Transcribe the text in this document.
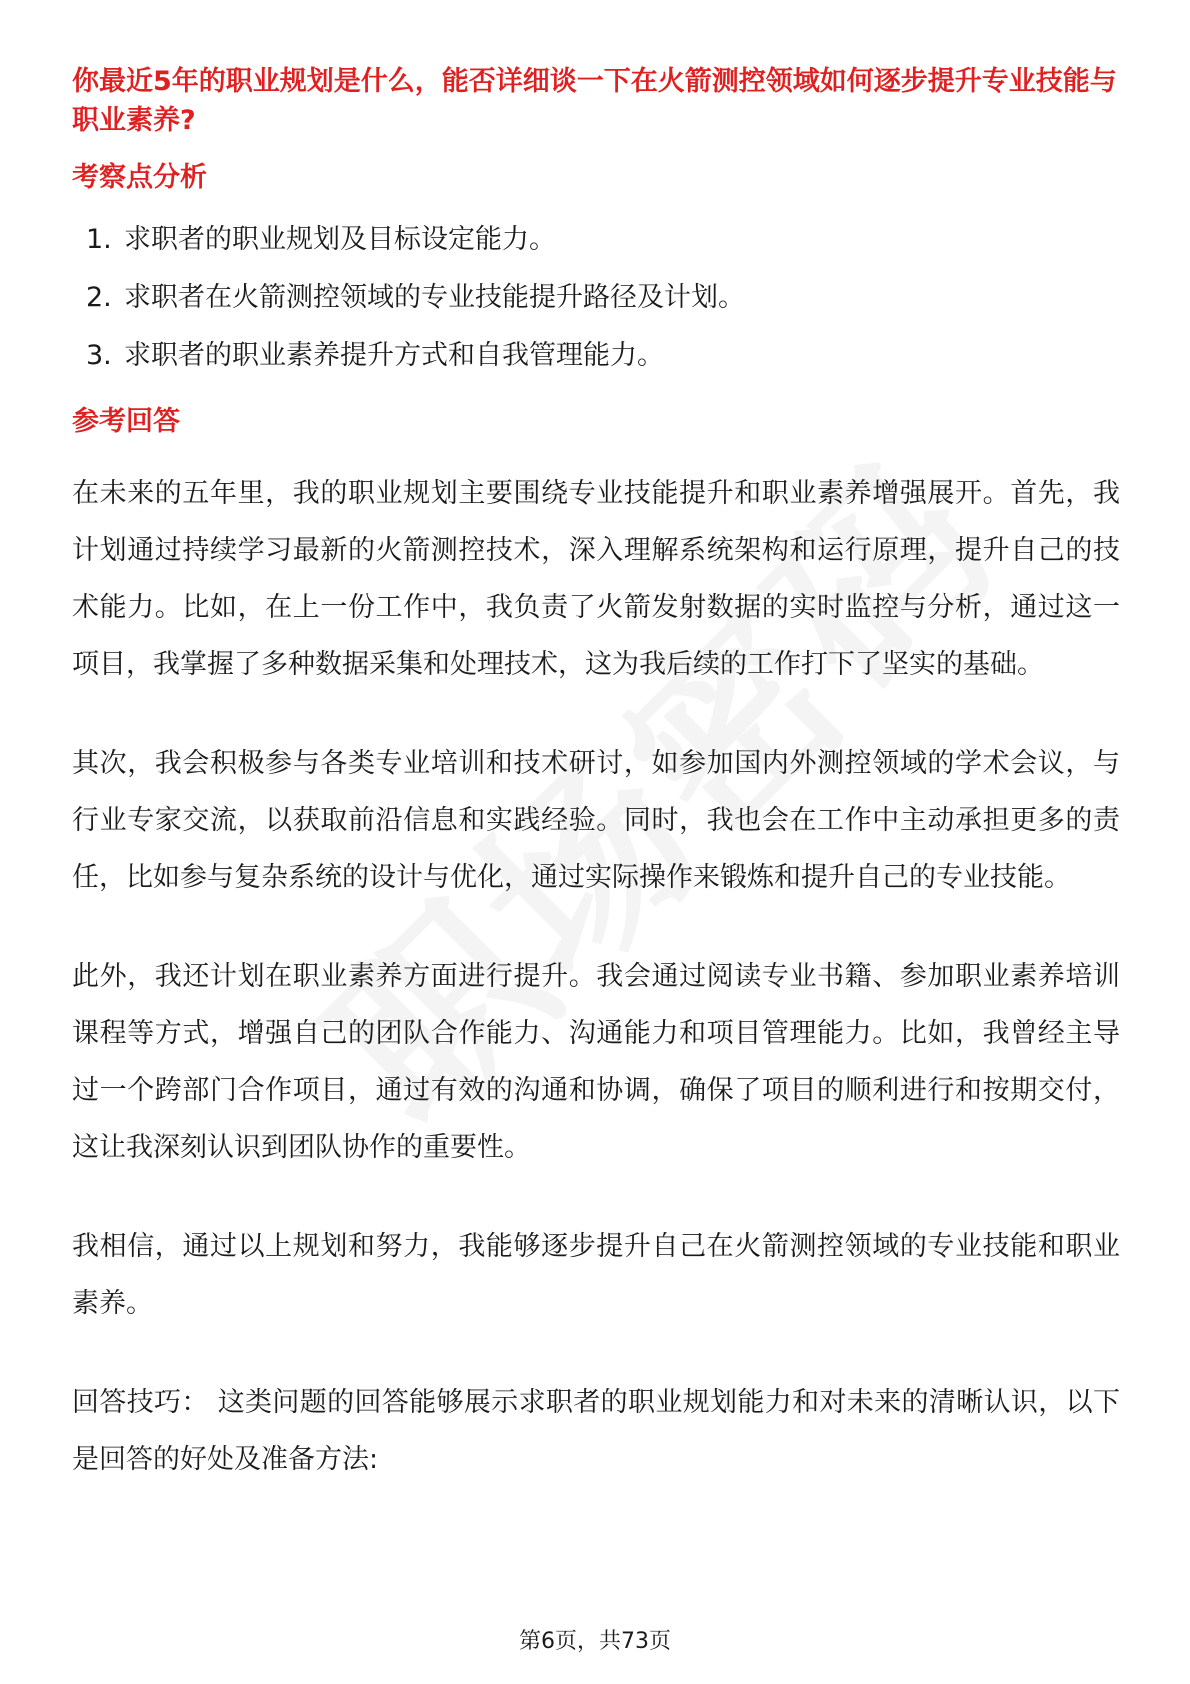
你最近5年的职业规划是什么，能否详细谈一下在火箭测控领域如何逐步提升专业技能与职业素养?

考察点分析
1. 求职者的职业规划及目标设定能力。
2. 求职者在火箭测控领域的专业技能提升路径及计划。
3. 求职者的职业素养提升方式和自我管理能力。
参考回答

在未来的五年里，我的职业规划主要围绕专业技能提升和职业素养增强展开。首先，我计划通过持续学习最新的火箭测控技术，深入理解系统架构和运行原理，提升自己的技术能力。比如，在上一份工作中，我负责了火箭发射数据的实时监控与分析，通过这一项目，我掌握了多种数据采集和处理技术，这为我后续的工作打下了坚实的基础。

其次，我会积极参与各类专业培训和技术研讨，如参加国内外测控领域的学术会议，与行业专家交流，以获取前沿信息和实践经验。同时，我也会在工作中主动承担更多的责任，比如参与复杂系统的设计与优化，通过实际操作来锻炼和提升自己的专业技能。

此外，我还计划在职业素养方面进行提升。我会通过阅读专业书籍、参加职业素养培训课程等方式，增强自己的团队合作能力、沟通能力和项目管理能力。比如，我曾经主导过一个跨部门合作项目，通过有效的沟通和协调，确保了项目的顺利进行和按期交付，这让我深刻认识到团队协作的重要性。

我相信，通过以上规划和努力，我能够逐步提升自己在火箭测控领域的专业技能和职业素养。

回答技巧： 这类问题的回答能够展示求职者的职业规划能力和对未来的清晰认识，以下是回答的好处及准备方法:

第6页，共73页
